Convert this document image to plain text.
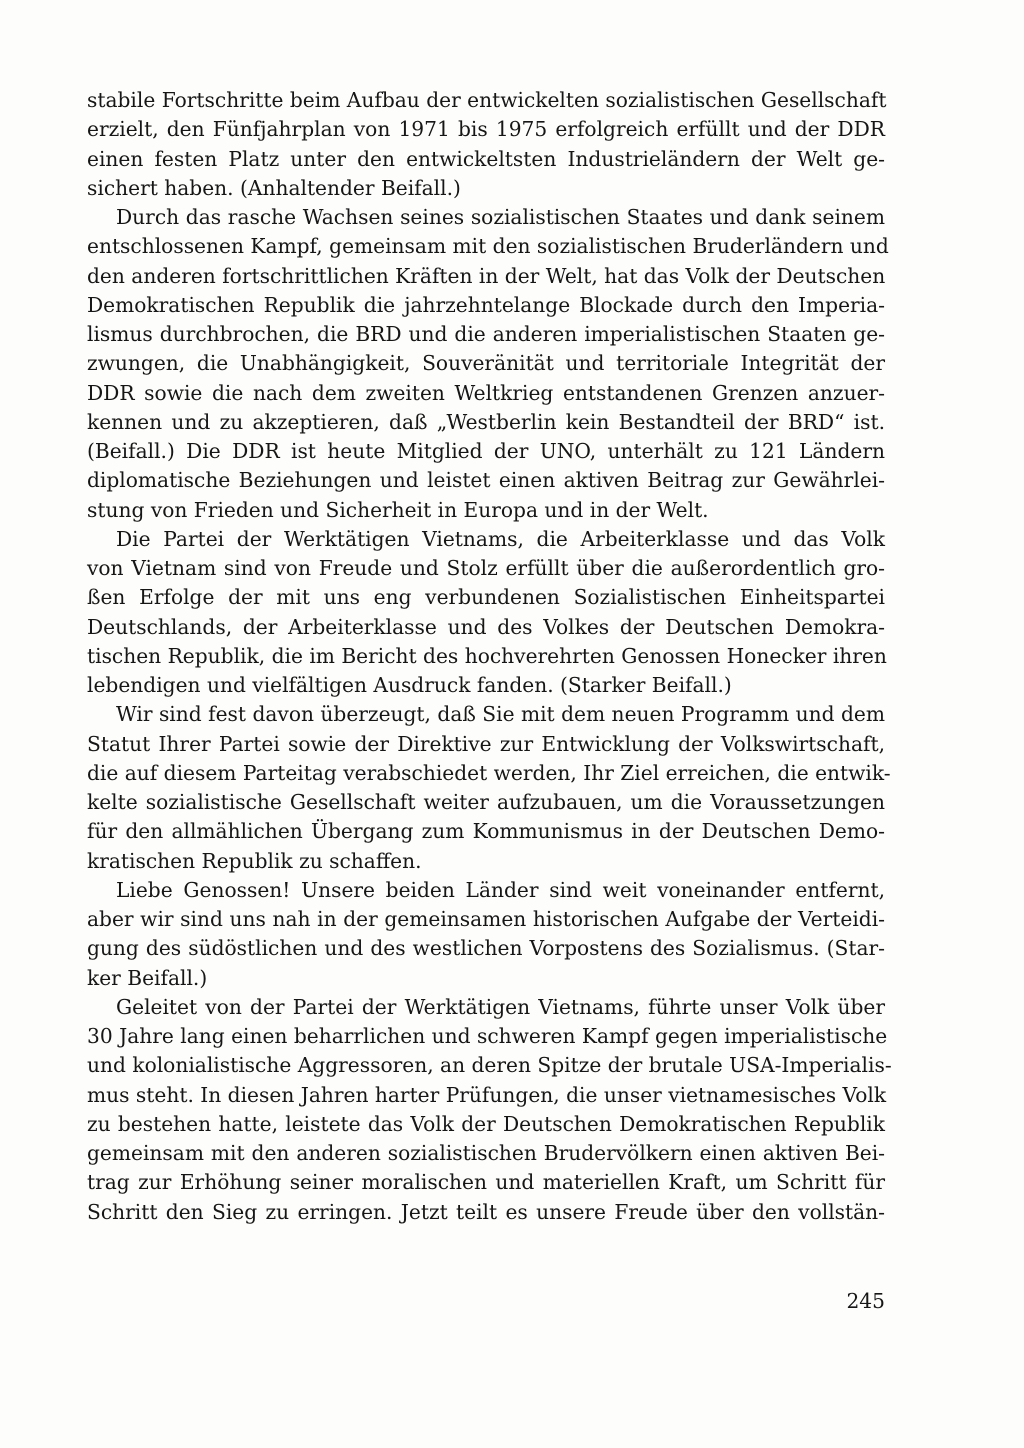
stabile Fortschritte beim Aufbau der entwickelten sozialistischen Gesellschaft
erzielt, den Fünfjahrplan von 1971 bis 1975 erfolgreich erfüllt und der DDR
einen festen Platz unter den entwickeltsten Industrieländern der Welt ge-
sichert haben. (Anhaltender Beifall.)
Durch das rasche Wachsen seines sozialistischen Staates und dank seinem
entschlossenen Kampf, gemeinsam mit den sozialistischen Bruderländern und
den anderen fortschrittlichen Kräften in der Welt, hat das Volk der Deutschen
Demokratischen Republik die jahrzehntelange Blockade durch den Imperia-
lismus durchbrochen, die BRD und die anderen imperialistischen Staaten ge-
zwungen, die Unabhängigkeit, Souveränität und territoriale Integrität der
DDR sowie die nach dem zweiten Weltkrieg entstandenen Grenzen anzuer-
kennen und zu akzeptieren, daß „Westberlin kein Bestandteil der BRD“ ist.
(Beifall.) Die DDR ist heute Mitglied der UNO, unterhält zu 121 Ländern
diplomatische Beziehungen und leistet einen aktiven Beitrag zur Gewährlei-
stung von Frieden und Sicherheit in Europa und in der Welt.
Die Partei der Werktätigen Vietnams, die Arbeiterklasse und das Volk
von Vietnam sind von Freude und Stolz erfüllt über die außerordentlich gro-
ßen Erfolge der mit uns eng verbundenen Sozialistischen Einheitspartei
Deutschlands, der Arbeiterklasse und des Volkes der Deutschen Demokra-
tischen Republik, die im Bericht des hochverehrten Genossen Honecker ihren
lebendigen und vielfältigen Ausdruck fanden. (Starker Beifall.)
Wir sind fest davon überzeugt, daß Sie mit dem neuen Programm und dem
Statut Ihrer Partei sowie der Direktive zur Entwicklung der Volkswirtschaft,
die auf diesem Parteitag verabschiedet werden, Ihr Ziel erreichen, die entwik-
kelte sozialistische Gesellschaft weiter aufzubauen, um die Voraussetzungen
für den allmählichen Übergang zum Kommunismus in der Deutschen Demo-
kratischen Republik zu schaffen.
Liebe Genossen! Unsere beiden Länder sind weit voneinander entfernt,
aber wir sind uns nah in der gemeinsamen historischen Aufgabe der Verteidi-
gung des südöstlichen und des westlichen Vorpostens des Sozialismus. (Star-
ker Beifall.)
Geleitet von der Partei der Werktätigen Vietnams, führte unser Volk über
30 Jahre lang einen beharrlichen und schweren Kampf gegen imperialistische
und kolonialistische Aggressoren, an deren Spitze der brutale USA-Imperialis-
mus steht. In diesen Jahren harter Prüfungen, die unser vietnamesisches Volk
zu bestehen hatte, leistete das Volk der Deutschen Demokratischen Republik
gemeinsam mit den anderen sozialistischen Brudervölkern einen aktiven Bei-
trag zur Erhöhung seiner moralischen und materiellen Kraft, um Schritt für
Schritt den Sieg zu erringen. Jetzt teilt es unsere Freude über den vollstän-
245
